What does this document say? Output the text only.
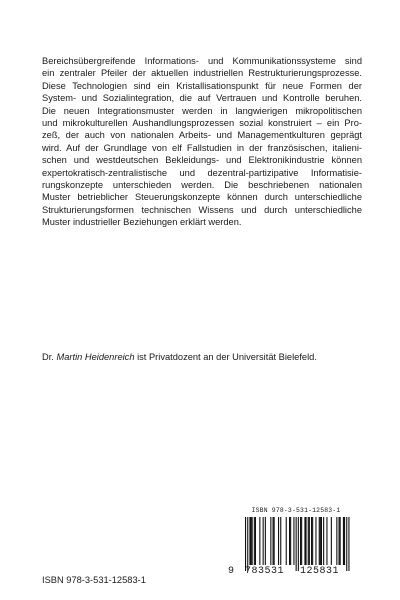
Bereichsübergreifende Informations- und Kommunikationssysteme sind
ein zentraler Pfeiler der aktuellen industriellen Restrukturierungsprozesse.
Diese Technologien sind ein Kristallisationspunkt für neue Formen der
System- und Sozialintegration, die auf Vertrauen und Kontrolle beruhen.
Die neuen Integrationsmuster werden in langwierigen mikropolitischen
und mikrokulturellen Aushandlungsprozessen sozial konstruiert – ein Pro-
zeß, der auch von nationalen Arbeits- und Managementkulturen geprägt
wird. Auf der Grundlage von elf Fallstudien in der französischen, italieni-
schen und westdeutschen Bekleidungs- und Elektronikindustrie können
expertokratisch-zentralistische und dezentral-partizipative Informatisie-
rungskonzepte unterschieden werden. Die beschriebenen nationalen
Muster betrieblicher Steuerungskonzepte können durch unterschiedliche
Strukturierungsformen technischen Wissens und durch unterschiedliche
Muster industrieller Beziehungen erklärt werden.

Dr. Martin Heidenreich ist Privatdozent an der Universität Bielefeld.

ISBN 978-3-531-12583-1
9 783531 125831
ISBN 978-3-531-12583-1
